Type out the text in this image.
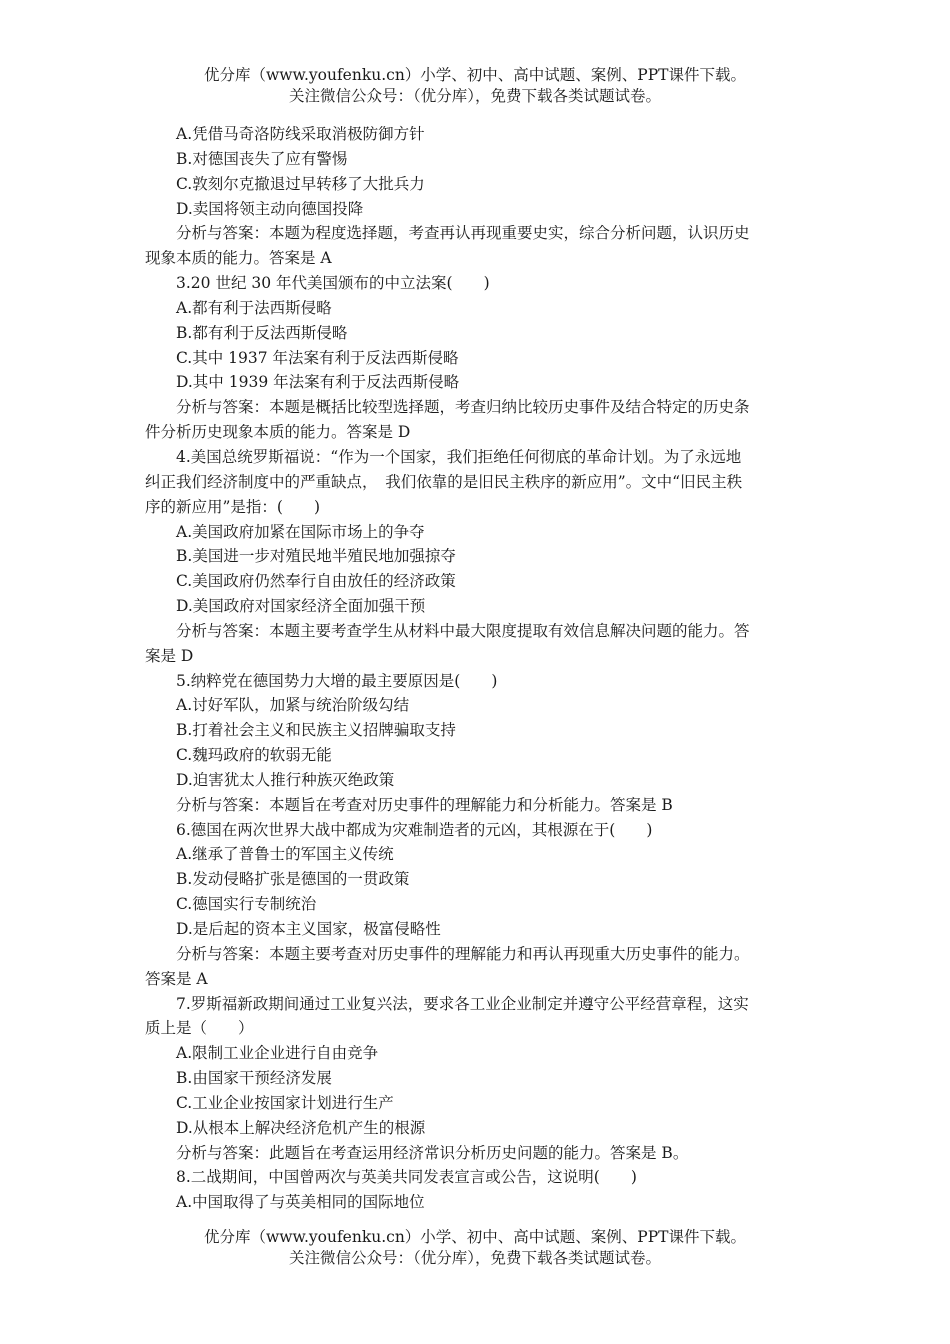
优分库（www.youfenku.cn）小学、初中、高中试题、案例、PPT课件下载。
关注微信公众号：（优分库），免费下载各类试题试卷。
A.凭借马奇洛防线采取消极防御方针
B.对德国丧失了应有警惕
C.敦刻尔克撤退过早转移了大批兵力
D.卖国将领主动向德国投降
分析与答案：本题为程度选择题，考查再认再现重要史实，综合分析问题，认识历史
现象本质的能力。答案是 A
3.20 世纪 30 年代美国颁布的中立法案(　　)
A.都有利于法西斯侵略
B.都有利于反法西斯侵略
C.其中 1937 年法案有利于反法西斯侵略
D.其中 1939 年法案有利于反法西斯侵略
分析与答案：本题是概括比较型选择题，考查归纳比较历史事件及结合特定的历史条
件分析历史现象本质的能力。答案是 D
4.美国总统罗斯福说：“作为一个国家，我们拒绝任何彻底的革命计划。为了永远地
纠正我们经济制度中的严重缺点，　我们依靠的是旧民主秩序的新应用”。文中“旧民主秩
序的新应用”是指：(　　)
A.美国政府加紧在国际市场上的争夺
B.美国进一步对殖民地半殖民地加强掠夺
C.美国政府仍然奉行自由放任的经济政策
D.美国政府对国家经济全面加强干预
分析与答案：本题主要考查学生从材料中最大限度提取有效信息解决问题的能力。答
案是 D
5.纳粹党在德国势力大增的最主要原因是(　　)
A.讨好军队，加紧与统治阶级勾结
B.打着社会主义和民族主义招牌骗取支持
C.魏玛政府的软弱无能
D.迫害犹太人推行种族灭绝政策
分析与答案：本题旨在考查对历史事件的理解能力和分析能力。答案是 B
6.德国在两次世界大战中都成为灾难制造者的元凶，其根源在于(　　)
A.继承了普鲁士的军国主义传统
B.发动侵略扩张是德国的一贯政策
C.德国实行专制统治
D.是后起的资本主义国家，极富侵略性
分析与答案：本题主要考查对历史事件的理解能力和再认再现重大历史事件的能力。
答案是 A
7.罗斯福新政期间通过工业复兴法，要求各工业企业制定并遵守公平经营章程，这实
质上是（　　）
A.限制工业企业进行自由竞争
B.由国家干预经济发展
C.工业企业按国家计划进行生产
D.从根本上解决经济危机产生的根源
分析与答案：此题旨在考查运用经济常识分析历史问题的能力。答案是 B。
8.二战期间，中国曾两次与英美共同发表宣言或公告，这说明(　　)
A.中国取得了与英美相同的国际地位
优分库（www.youfenku.cn）小学、初中、高中试题、案例、PPT课件下载。
关注微信公众号：（优分库），免费下载各类试题试卷。
